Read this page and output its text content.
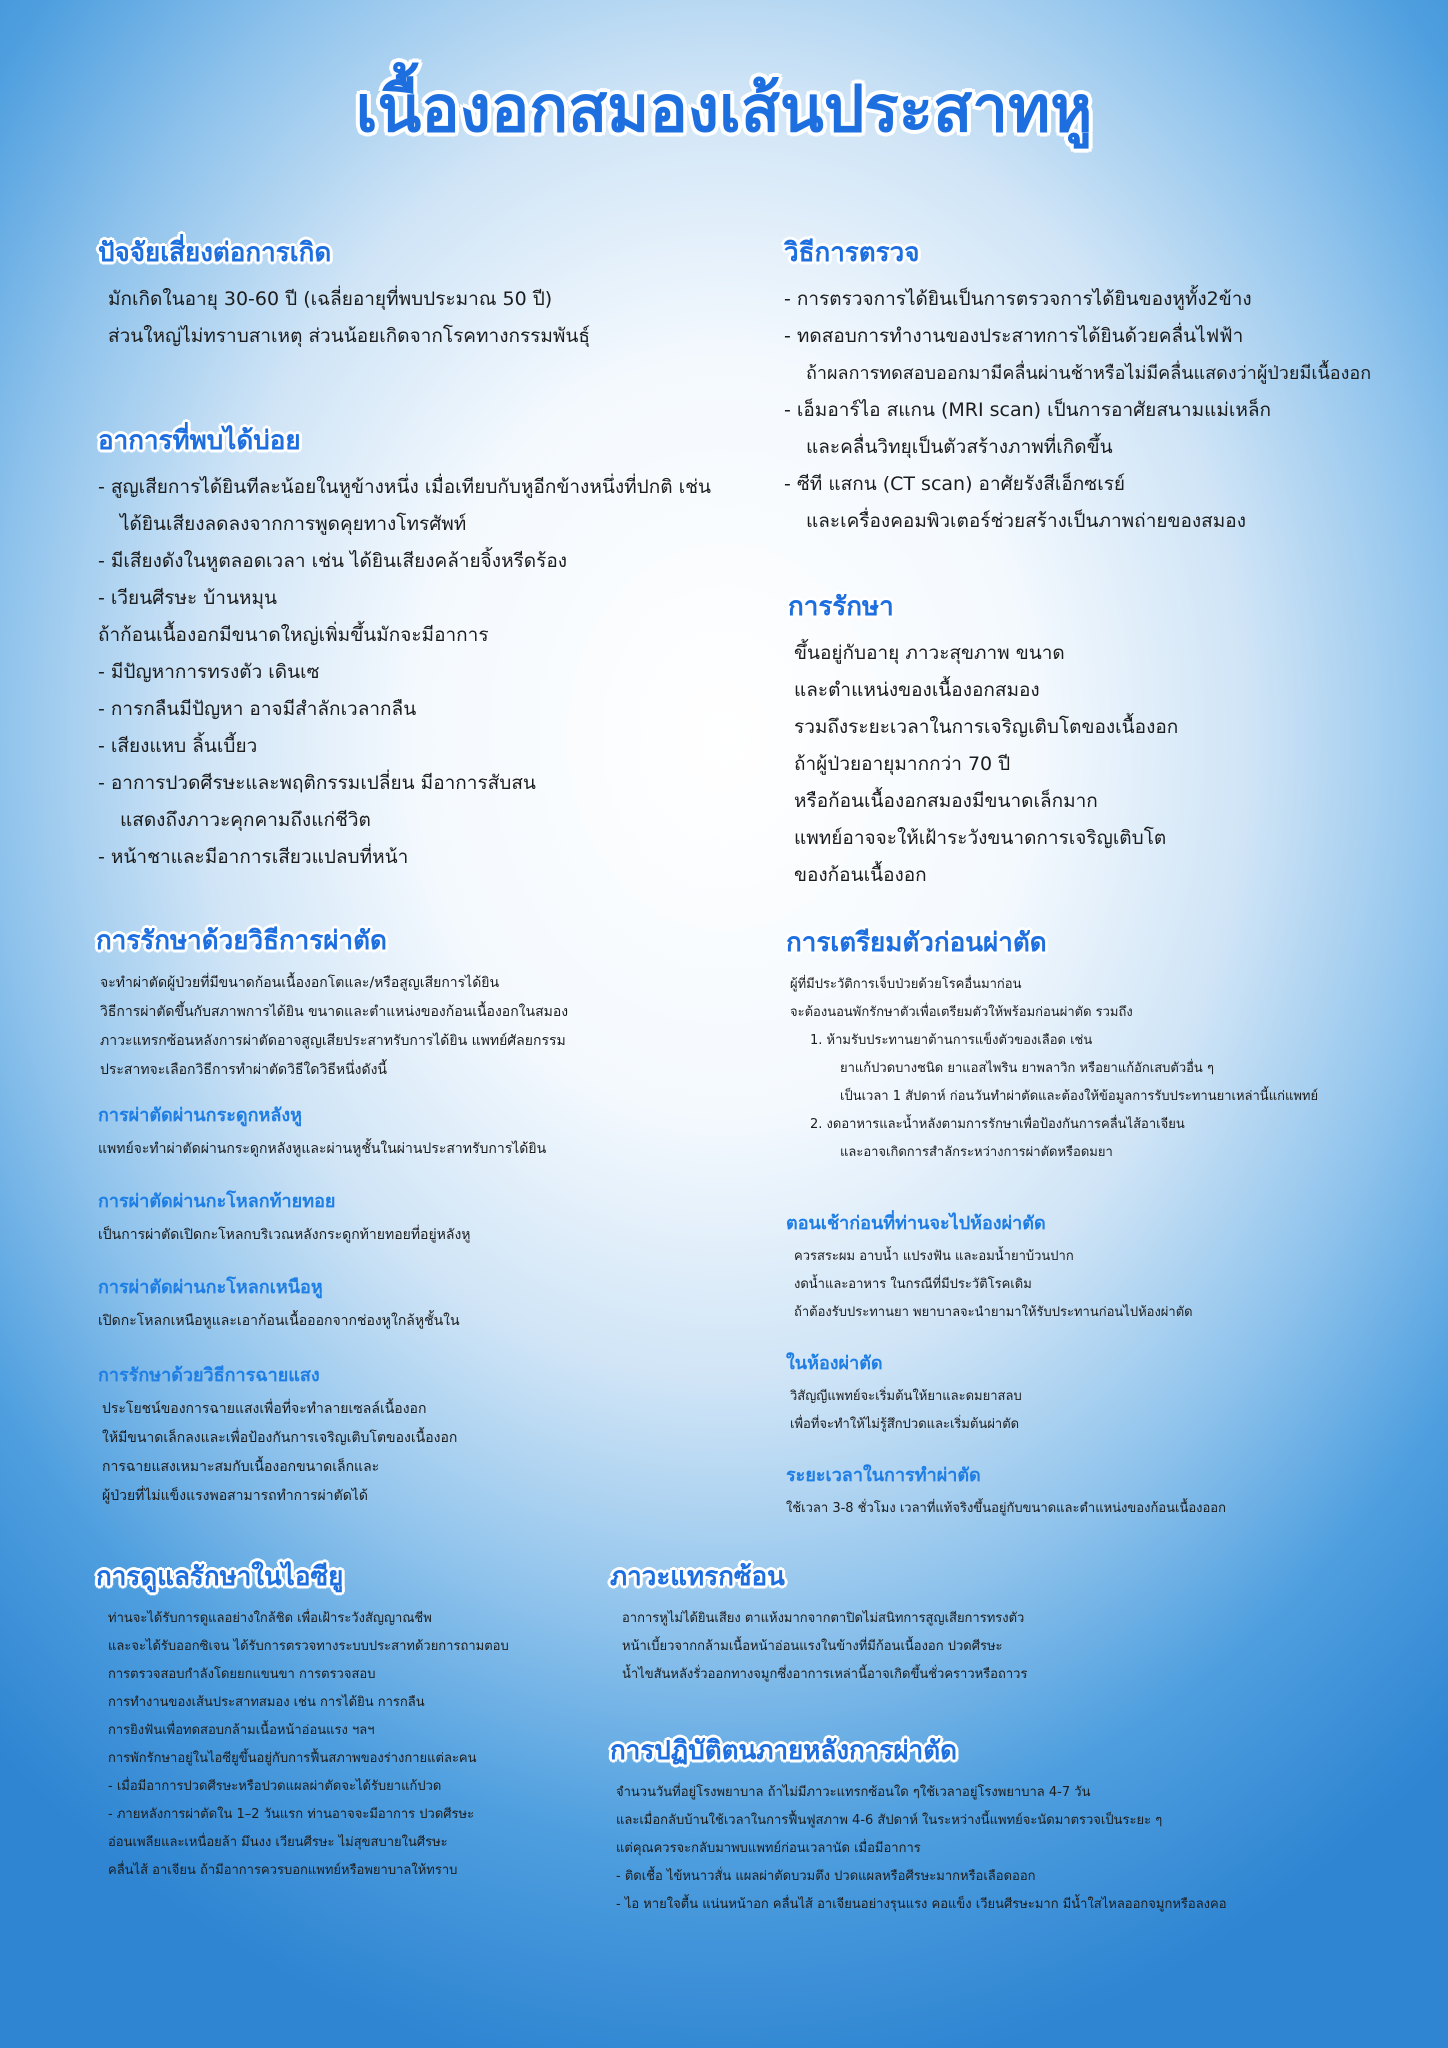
เนื้องอกสมองเส้นประสาทหู
ปัจจัยเสี่ยงต่อการเกิด
มักเกิดในอายุ 30-60 ปี (เฉลี่ยอายุที่พบประมาณ 50 ปี)
ส่วนใหญ่ไม่ทราบสาเหตุ ส่วนน้อยเกิดจากโรคทางกรรมพันธุ์
อาการที่พบได้บ่อย
- สูญเสียการได้ยินทีละน้อยในหูข้างหนึ่ง เมื่อเทียบกับหูอีกข้างหนึ่งที่ปกติ เช่น
ได้ยินเสียงลดลงจากการพูดคุยทางโทรศัพท์
- มีเสียงดังในหูตลอดเวลา เช่น ได้ยินเสียงคล้ายจิ้งหรีดร้อง
- เวียนศีรษะ บ้านหมุน
ถ้าก้อนเนื้องอกมีขนาดใหญ่เพิ่มขึ้นมักจะมีอาการ
- มีปัญหาการทรงตัว เดินเซ
- การกลืนมีปัญหา อาจมีสำลักเวลากลืน
- เสียงแหบ ลิ้นเบี้ยว
- อาการปวดศีรษะและพฤติกรรมเปลี่ยน มีอาการสับสน
แสดงถึงภาวะคุกคามถึงแก่ชีวิต
- หน้าชาและมีอาการเสียวแปลบที่หน้า
วิธีการตรวจ
- การตรวจการได้ยินเป็นการตรวจการได้ยินของหูทั้ง2ข้าง
- ทดสอบการทำงานของประสาทการได้ยินด้วยคลื่นไฟฟ้า
ถ้าผลการทดสอบออกมามีคลื่นผ่านช้าหรือไม่มีคลื่นแสดงว่าผู้ป่วยมีเนื้องอก
- เอ็มอาร์ไอ สแกน (MRI scan) เป็นการอาศัยสนามแม่เหล็ก
และคลื่นวิทยุเป็นตัวสร้างภาพที่เกิดขึ้น
- ซีที แสกน (CT scan) อาศัยรังสีเอ็กซเรย์
และเครื่องคอมพิวเตอร์ช่วยสร้างเป็นภาพถ่ายของสมอง
การรักษา
ขึ้นอยู่กับอายุ ภาวะสุขภาพ ขนาด
และตำแหน่งของเนื้องอกสมอง
รวมถึงระยะเวลาในการเจริญเติบโตของเนื้องอก
ถ้าผู้ป่วยอายุมากกว่า 70 ปี
หรือก้อนเนื้องอกสมองมีขนาดเล็กมาก
แพทย์อาจจะให้เฝ้าระวังขนาดการเจริญเติบโต
ของก้อนเนื้องอก
การรักษาด้วยวิธีการผ่าตัด
จะทำผ่าตัดผู้ป่วยที่มีขนาดก้อนเนื้องอกโตและ/หรือสูญเสียการได้ยิน
วิธีการผ่าตัดขึ้นกับสภาพการได้ยิน ขนาดและตำแหน่งของก้อนเนื้องอกในสมอง
ภาวะแทรกซ้อนหลังการผ่าตัดอาจสูญเสียประสาทรับการได้ยิน แพทย์ศัลยกรรม
ประสาทจะเลือกวิธีการทำผ่าตัดวิธีใดวิธีหนึ่งดังนี้
การผ่าตัดผ่านกระดูกหลังหู
แพทย์จะทำผ่าตัดผ่านกระดูกหลังหูและผ่านหูชั้นในผ่านประสาทรับการได้ยิน
การผ่าตัดผ่านกะโหลกท้ายทอย
เป็นการผ่าตัดเปิดกะโหลกบริเวณหลังกระดูกท้ายทอยที่อยู่หลังหู
การผ่าตัดผ่านกะโหลกเหนือหู
เปิดกะโหลกเหนือหูและเอาก้อนเนื้อออกจากช่องหูใกล้หูชั้นใน
การรักษาด้วยวิธีการฉายแสง
ประโยชน์ของการฉายแสงเพื่อที่จะทำลายเซลล์เนื้องอก
ให้มีขนาดเล็กลงและเพื่อป้องกันการเจริญเติบโตของเนื้องอก
การฉายแสงเหมาะสมกับเนื้องอกขนาดเล็กและ
ผู้ป่วยที่ไม่แข็งแรงพอสามารถทำการผ่าตัดได้
การเตรียมตัวก่อนผ่าตัด
ผู้ที่มีประวัติการเจ็บป่วยด้วยโรคอื่นมาก่อน
จะต้องนอนพักรักษาตัวเพื่อเตรียมตัวให้พร้อมก่อนผ่าตัด รวมถึง
1. ห้ามรับประทานยาต้านการแข็งตัวของเลือด เช่น
ยาแก้ปวดบางชนิด ยาแอสไพริน ยาพลาวิก หรือยาแก้อักเสบตัวอื่น ๆ
เป็นเวลา 1 สัปดาห์ ก่อนวันทำผ่าตัดและต้องให้ข้อมูลการรับประทานยาเหล่านี้แก่แพทย์
2. งดอาหารและน้ำหลังตามการรักษาเพื่อป้องกันการคลื่นไส้อาเจียน
และอาจเกิดการสำลักระหว่างการผ่าตัดหรือดมยา
ตอนเช้าก่อนที่ท่านจะไปห้องผ่าตัด
ควรสระผม อาบน้ำ แปรงฟัน และอมน้ำยาบ้วนปาก
งดน้ำและอาหาร ในกรณีที่มีประวัติโรคเดิม
ถ้าต้องรับประทานยา พยาบาลจะนำยามาให้รับประทานก่อนไปห้องผ่าตัด
ในห้องผ่าตัด
วิสัญญีแพทย์จะเริ่มต้นให้ยาและดมยาสลบ
เพื่อที่จะทำให้ไม่รู้สึกปวดและเริ่มต้นผ่าตัด
ระยะเวลาในการทำผ่าตัด
ใช้เวลา 3-8 ชั่วโมง เวลาที่แท้จริงขึ้นอยู่กับขนาดและตำแหน่งของก้อนเนื้องออก
การดูแลรักษาในไอซียู
ท่านจะได้รับการดูแลอย่างใกล้ชิด เพื่อเฝ้าระวังสัญญาณชีพ
และจะได้รับออกซิเจน ได้รับการตรวจทางระบบประสาทด้วยการถามตอบ
การตรวจสอบกำลังโดยยกแขนขา การตรวจสอบ
การทำงานของเส้นประสาทสมอง เช่น การได้ยิน การกลืน
การยิงฟันเพื่อทดสอบกล้ามเนื้อหน้าอ่อนแรง ฯลฯ
การพักรักษาอยู่ในไอซียูขึ้นอยู่กับการฟื้นสภาพของร่างกายแต่ละคน
- เมื่อมีอาการปวดศีรษะหรือปวดแผลผ่าตัดจะได้รับยาแก้ปวด
- ภายหลังการผ่าตัดใน 1–2 วันแรก ท่านอาจจะมีอาการ ปวดศีรษะ
อ่อนเพลียและเหนื่อยล้า มึนงง เวียนศีรษะ ไม่สุขสบายในศีรษะ
คลื่นไส้ อาเจียน ถ้ามีอาการควรบอกแพทย์หรือพยาบาลให้ทราบ
ภาวะแทรกซ้อน
อาการหูไม่ได้ยินเสียง ตาแห้งมากจากตาปิดไม่สนิทการสูญเสียการทรงตัว
หน้าเบี้ยวจากกล้ามเนื้อหน้าอ่อนแรงในข้างที่มีก้อนเนื้องอก ปวดศีรษะ
น้ำไขสันหลังรั่วออกทางจมูกซึ่งอาการเหล่านี้อาจเกิดขึ้นชั่วคราวหรือถาวร
การปฏิบัติตนภายหลังการผ่าตัด
จำนวนวันที่อยู่โรงพยาบาล ถ้าไม่มีภาวะแทรกซ้อนใด ๆใช้เวลาอยู่โรงพยาบาล 4-7 วัน
และเมื่อกลับบ้านใช้เวลาในการฟื้นฟูสภาพ 4-6 สัปดาห์ ในระหว่างนี้แพทย์จะนัดมาตรวจเป็นระยะ ๆ
แต่คุณควรจะกลับมาพบแพทย์ก่อนเวลานัด เมื่อมีอาการ
- ติดเชื้อ ไข้หนาวสั่น แผลผ่าตัดบวมตึง ปวดแผลหรือศีรษะมากหรือเลือดออก
- ไอ หายใจตื้น แน่นหน้าอก คลื่นไส้ อาเจียนอย่างรุนแรง คอแข็ง เวียนศีรษะมาก มีน้ำใสไหลออกจมูกหรือลงคอ
